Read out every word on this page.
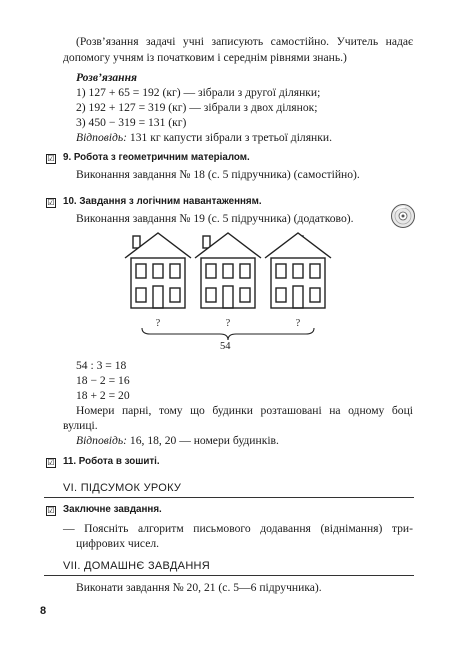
(Розв’язання задачі учні записують самостійно. Учитель надає
допомогу учням із початковим і середнім рівнями знань.)
Розв’язання
1) 127 + 65 = 192 (кг) — зібрали з другої ділянки;
2) 192 + 127 = 319 (кг) — зібрали з двох ділянок;
3) 450 − 319 = 131 (кг)
Відповідь: 131 кг капусти зібрали з третьої ділянки.
☑ 9. Робота з геометричним матеріалом.
Виконання завдання № 18 (с. 5 підручника) (самостійно).
☑ 10. Завдання з логічним навантаженням.
Виконання завдання № 19 (с. 5 підручника) (додатково).
?	?	?
54
54 : 3 = 18
18 − 2 = 16
18 + 2 = 20
Номери парні, тому що будинки розташовані на одному боці
вулиці.
Відповідь: 16, 18, 20 — номери будинків.
☑ 11. Робота в зошиті.
VI. ПІДСУМОК УРОКУ
☑ Заключне завдання.
— Поясніть алгоритм письмового додавання (віднімання) три-
цифрових чисел.
VII. ДОМАШНЄ ЗАВДАННЯ
Виконати завдання № 20, 21 (с. 5—6 підручника).
8
